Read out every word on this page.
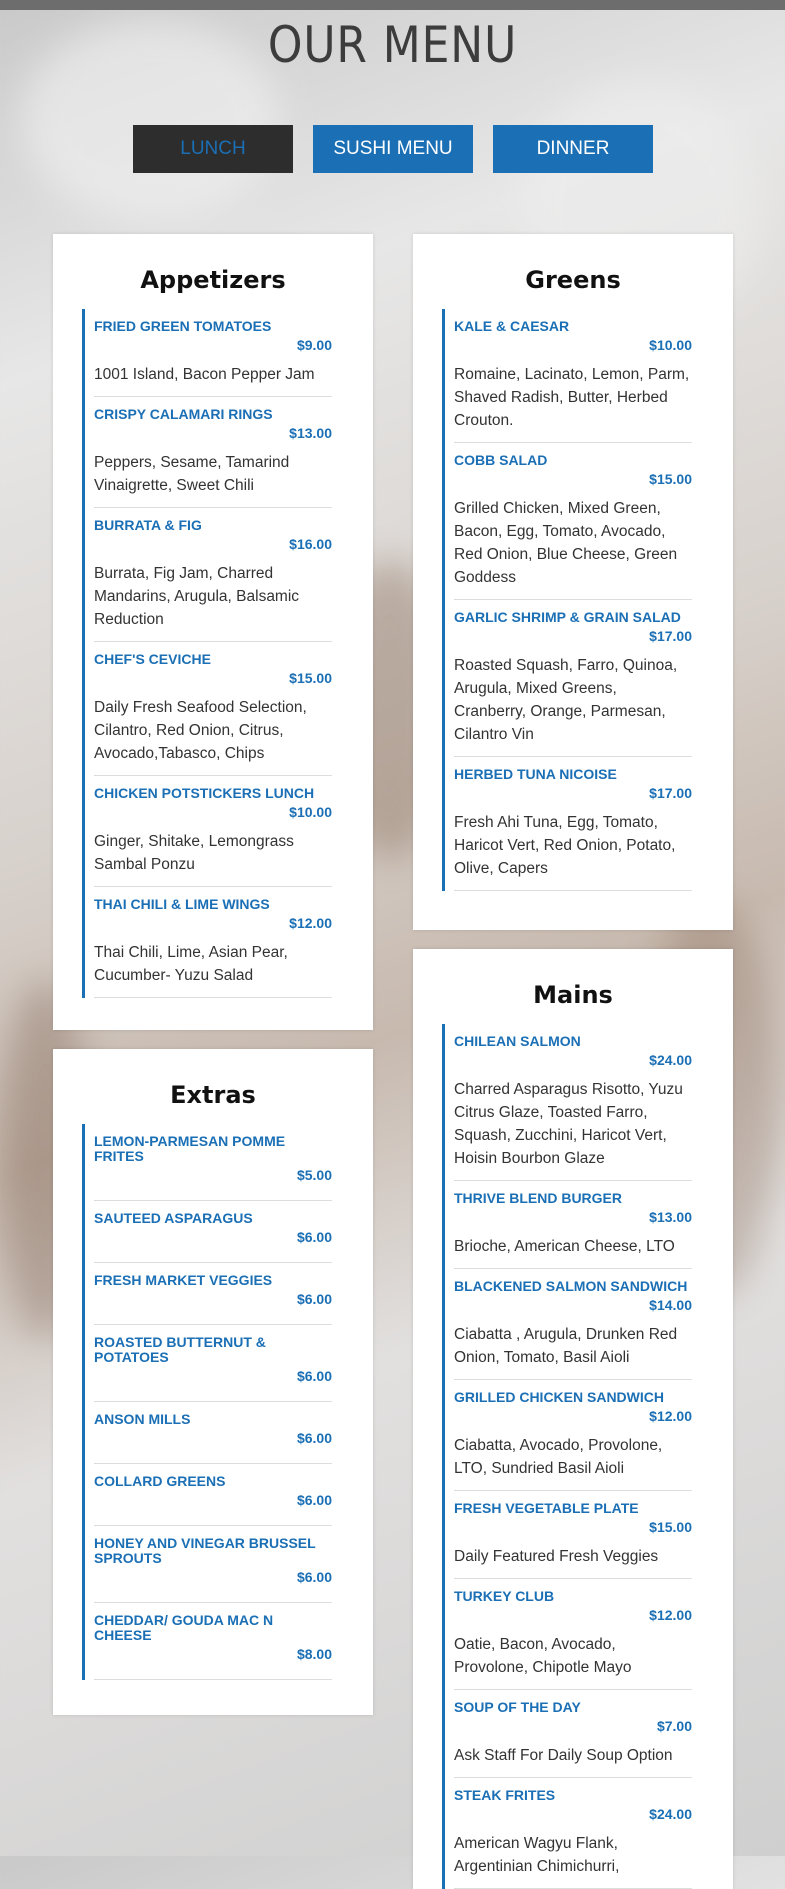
OUR MENU
LUNCH	SUSHI MENU	DINNER
Appetizers
FRIED GREEN TOMATOES
$9.00
1001 Island, Bacon Pepper Jam
CRISPY CALAMARI RINGS
$13.00
Peppers, Sesame, Tamarind Vinaigrette, Sweet Chili
BURRATA & FIG
$16.00
Burrata, Fig Jam, Charred Mandarins, Arugula, Balsamic Reduction
CHEF'S CEVICHE
$15.00
Daily Fresh Seafood Selection, Cilantro, Red Onion, Citrus, Avocado,Tabasco, Chips
CHICKEN POTSTICKERS LUNCH
$10.00
Ginger, Shitake, Lemongrass Sambal Ponzu
THAI CHILI & LIME WINGS
$12.00
Thai Chili, Lime, Asian Pear, Cucumber- Yuzu Salad
Greens
KALE & CAESAR
$10.00
Romaine, Lacinato, Lemon, Parm, Shaved Radish, Butter, Herbed Crouton.
COBB SALAD
$15.00
Grilled Chicken, Mixed Green, Bacon, Egg, Tomato, Avocado, Red Onion, Blue Cheese, Green Goddess
GARLIC SHRIMP & GRAIN SALAD
$17.00
Roasted Squash, Farro, Quinoa, Arugula, Mixed Greens, Cranberry, Orange, Parmesan, Cilantro Vin
HERBED TUNA NICOISE
$17.00
Fresh Ahi Tuna, Egg, Tomato, Haricot Vert, Red Onion, Potato, Olive, Capers
Extras
LEMON-PARMESAN POMME FRITES
$5.00
SAUTEED ASPARAGUS
$6.00
FRESH MARKET VEGGIES
$6.00
ROASTED BUTTERNUT & POTATOES
$6.00
ANSON MILLS
$6.00
COLLARD GREENS
$6.00
HONEY AND VINEGAR BRUSSEL SPROUTS
$6.00
CHEDDAR/ GOUDA MAC N CHEESE
$8.00
Mains
CHILEAN SALMON
$24.00
Charred Asparagus Risotto, Yuzu Citrus Glaze, Toasted Farro, Squash, Zucchini, Haricot Vert, Hoisin Bourbon Glaze
THRIVE BLEND BURGER
$13.00
Brioche, American Cheese, LTO
BLACKENED SALMON SANDWICH
$14.00
Ciabatta , Arugula, Drunken Red Onion, Tomato, Basil Aioli
GRILLED CHICKEN SANDWICH
$12.00
Ciabatta, Avocado, Provolone, LTO, Sundried Basil Aioli
FRESH VEGETABLE PLATE
$15.00
Daily Featured Fresh Veggies
TURKEY CLUB
$12.00
Oatie, Bacon, Avocado, Provolone, Chipotle Mayo
SOUP OF THE DAY
$7.00
Ask Staff For Daily Soup Option
STEAK FRITES
$24.00
American Wagyu Flank, Argentinian Chimichurri,
